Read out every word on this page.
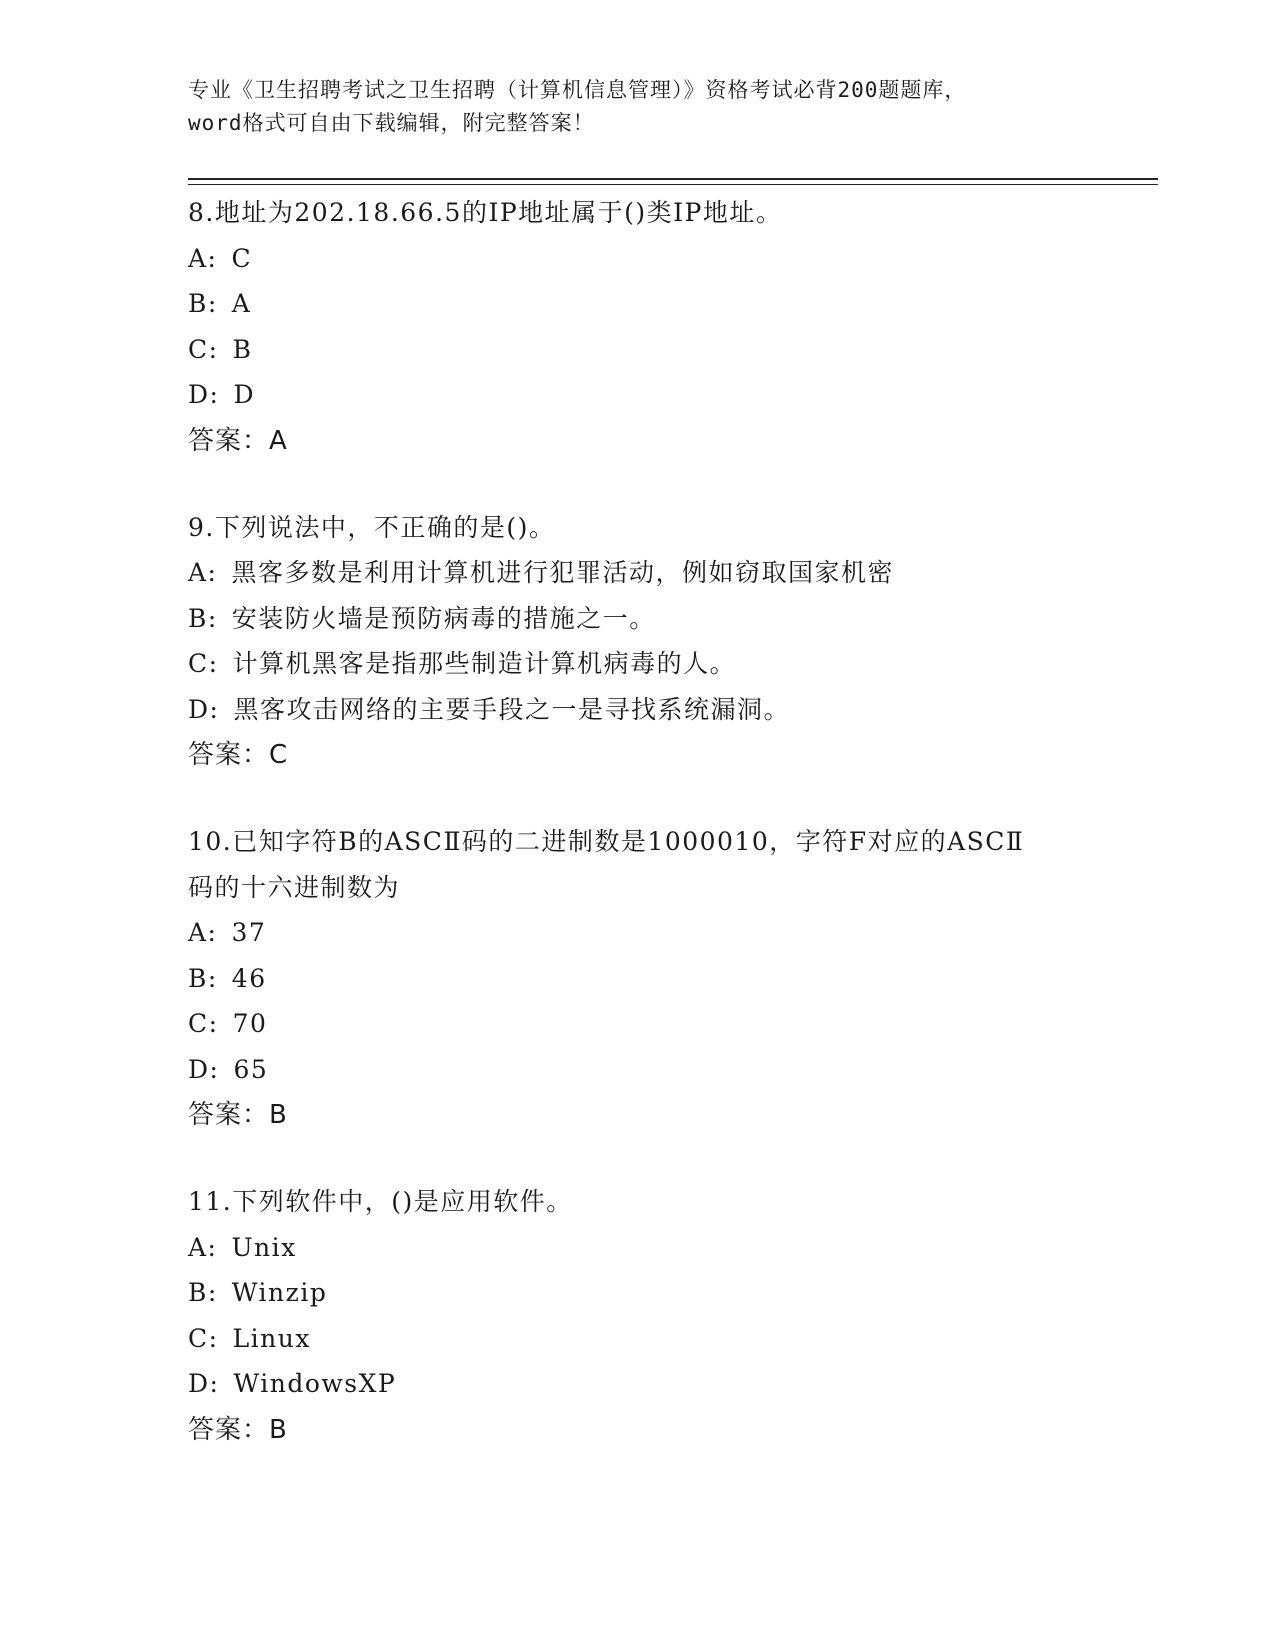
专业《卫生招聘考试之卫生招聘（计算机信息管理）》资格考试必背200题题库，
word格式可自由下载编辑，附完整答案！
8.地址为202.18.66.5的IP地址属于()类IP地址。
A: C
B: A
C: B
D: D
答案：A
9.下列说法中，不正确的是()。
A: 黑客多数是利用计算机进行犯罪活动，例如窃取国家机密
B: 安装防火墙是预防病毒的措施之一。
C: 计算机黑客是指那些制造计算机病毒的人。
D: 黑客攻击网络的主要手段之一是寻找系统漏洞。
答案：C
10.已知字符B的ASCⅡ码的二进制数是1000010，字符F对应的ASCⅡ
码的十六进制数为
A: 37
B: 46
C: 70
D: 65
答案：B
11.下列软件中，()是应用软件。
A: Unix
B: Winzip
C: Linux
D: WindowsXP
答案：B
